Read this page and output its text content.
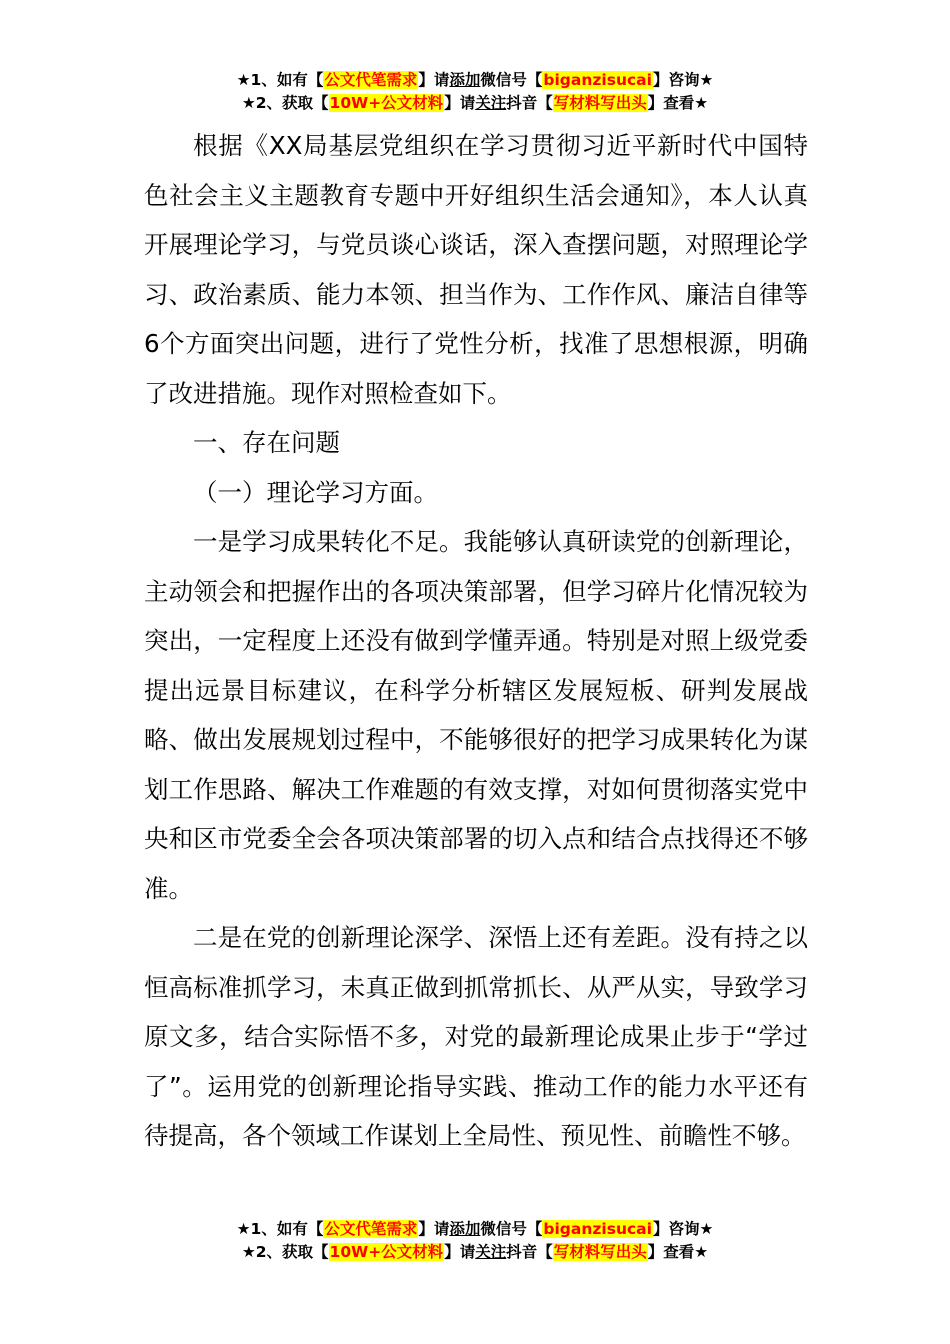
★1、如有【公文代笔需求】请添加微信号【biganzisucai】咨询★
★2、获取【10W+公文材料】请关注抖音【写材料写出头】查看★

根据《XX局基层党组织在学习贯彻习近平新时代中国特色社会主义主题教育专题中开好组织生活会通知》，本人认真开展理论学习，与党员谈心谈话，深入查摆问题，对照理论学习、政治素质、能力本领、担当作为、工作作风、廉洁自律等6个方面突出问题，进行了党性分析，找准了思想根源，明确了改进措施。现作对照检查如下。

一、存在问题

（一）理论学习方面。

一是学习成果转化不足。我能够认真研读党的创新理论，主动领会和把握作出的各项决策部署，但学习碎片化情况较为突出，一定程度上还没有做到学懂弄通。特别是对照上级党委提出远景目标建议，在科学分析辖区发展短板、研判发展战略、做出发展规划过程中，不能够很好的把学习成果转化为谋划工作思路、解决工作难题的有效支撑，对如何贯彻落实党中央和区市党委全会各项决策部署的切入点和结合点找得还不够准。

二是在党的创新理论深学、深悟上还有差距。没有持之以恒高标准抓学习，未真正做到抓常抓长、从严从实，导致学习原文多，结合实际悟不多，对党的最新理论成果止步于“学过了”。运用党的创新理论指导实践、推动工作的能力水平还有待提高，各个领域工作谋划上全局性、预见性、前瞻性不够。

★1、如有【公文代笔需求】请添加微信号【biganzisucai】咨询★
★2、获取【10W+公文材料】请关注抖音【写材料写出头】查看★
